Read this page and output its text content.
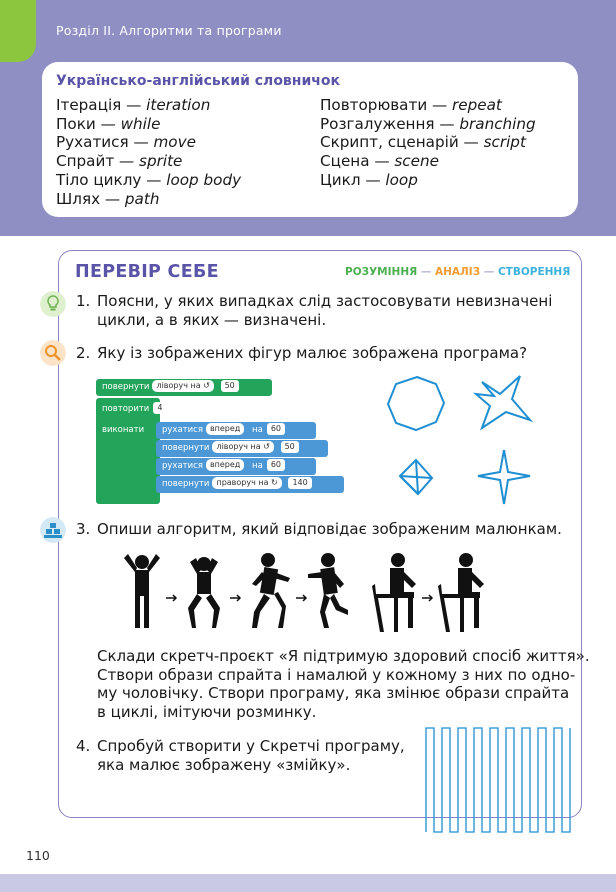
Розділ ІІ. Алгоритми та програми
Українсько-англійський словничок
Ітерація — iteration
Поки — while
Рухатися — move
Спрайт — sprite
Тіло циклу — loop body
Шлях — path
Повторювати — repeat
Розгалуження — branching
Скрипт, сценарій — script
Сцена — scene
Цикл — loop
ПЕРЕВІР СЕБЕ	РОЗУМІННЯ — АНАЛІЗ — СТВОРЕННЯ
1. Поясни, у яких випадках слід застосовувати невизначені
цикли, а в яких — визначені.
2. Яку із зображених фігур малює зображена програма?
повернути ліворуч на ↺ 50
повторити 4 разів
виконати	рухатися вперед на 60
повернути ліворуч на ↺ 50
рухатися вперед на 60
повернути праворуч на ↻ 140
3. Опиши алгоритм, який відповідає зображеним малюнкам.
Склади скретч-проєкт «Я підтримую здоровий спосіб життя».
Створи образи спрайта і намалюй у кожному з них по одно-
му чоловічку. Створи програму, яка змінює образи спрайта
в циклі, імітуючи розминку.
4. Спробуй створити у Скретчі програму,
яка малює зображену «змійку».
110
